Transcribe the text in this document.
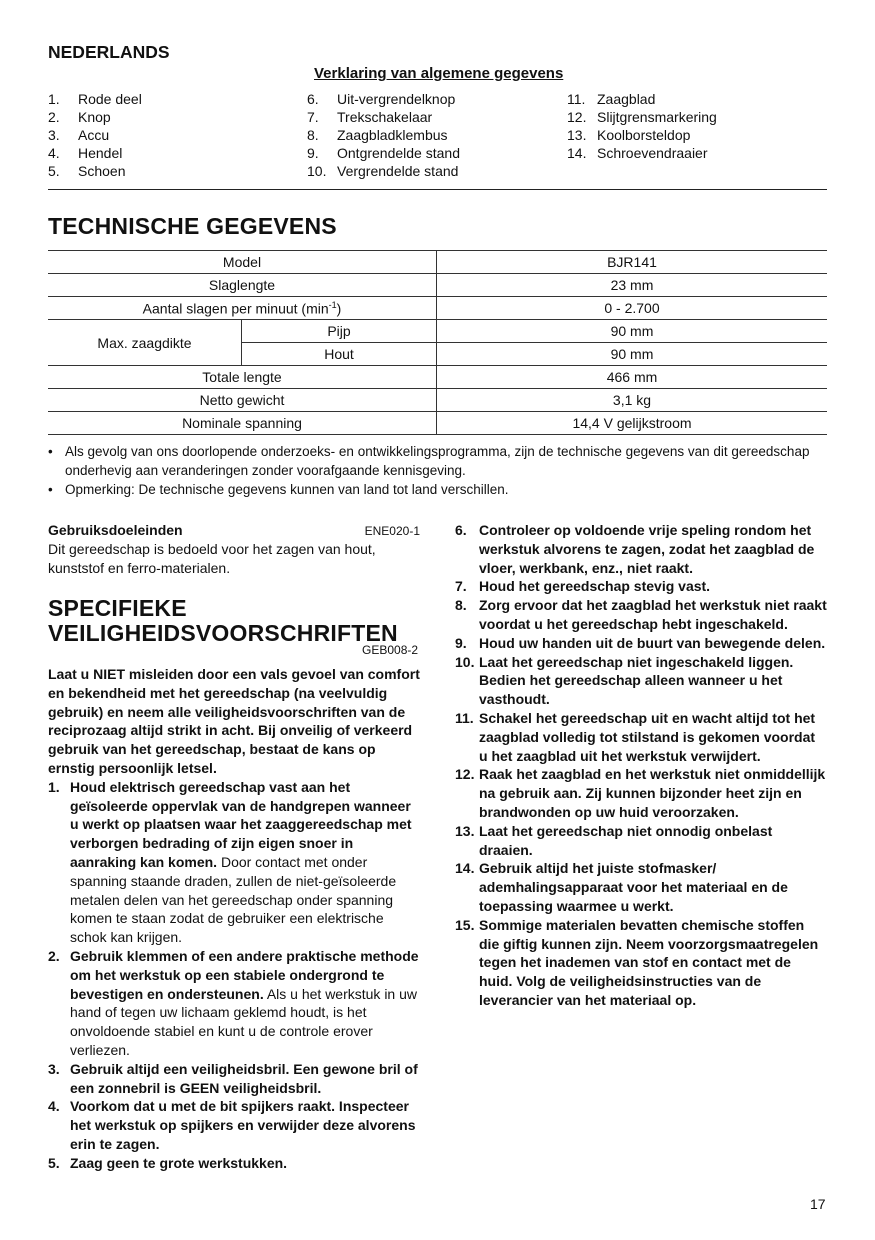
NEDERLANDS
Verklaring van algemene gegevens
1. Rode deel
2. Knop
3. Accu
4. Hendel
5. Schoen
6. Uit-vergrendelknop
7. Trekschakelaar
8. Zaagbladklembus
9. Ontgrendelde stand
10. Vergrendelde stand
11. Zaagblad
12. Slijtgrensmarkering
13. Koolborsteldop
14. Schroevendraaier
TECHNISCHE GEGEVENS
Model		BJR141
Slaglengte		23 mm
Aantal slagen per minuut $(\min^{-1})$		0 - 2.700
Max. zaagdikte	Pijp	90 mm
	Hout	90 mm
Totale lengte		466 mm
Netto gewicht		3,1 kg
Nominale spanning		14,4 V gelijkstroom
• Als gevolg van ons doorlopende onderzoeks- en ontwikkelingsprogramma, zijn de technische gegevens van dit gereedschap onderhevig aan veranderingen zonder voorafgaande kennisgeving.
• Opmerking: De technische gegevens kunnen van land tot land verschillen.
Gebruiksdoeleinden	ENE020-1
Dit gereedschap is bedoeld voor het zagen van hout, kunststof en ferro-materialen.
SPECIFIEKE
VEILIGHEIDSVOORSCHRIFTEN
GEB008-2
Laat u NIET misleiden door een vals gevoel van comfort en bekendheid met het gereedschap (na veelvuldig gebruik) en neem alle veiligheidsvoorschriften van de reciprozaag altijd strikt in acht. Bij onveilig of verkeerd gebruik van het gereedschap, bestaat de kans op ernstig persoonlijk letsel.
1. Houd elektrisch gereedschap vast aan het geïsoleerde oppervlak van de handgrepen wanneer u werkt op plaatsen waar het zaaggereedschap met verborgen bedrading of zijn eigen snoer in aanraking kan komen. Door contact met onder spanning staande draden, zullen de niet-geïsoleerde metalen delen van het gereedschap onder spanning komen te staan zodat de gebruiker een elektrische schok kan krijgen.
2. Gebruik klemmen of een andere praktische methode om het werkstuk op een stabiele ondergrond te bevestigen en ondersteunen. Als u het werkstuk in uw hand of tegen uw lichaam geklemd houdt, is het onvoldoende stabiel en kunt u de controle erover verliezen.
3. Gebruik altijd een veiligheidsbril. Een gewone bril of een zonnebril is GEEN veiligheidsbril.
4. Voorkom dat u met de bit spijkers raakt. Inspecteer het werkstuk op spijkers en verwijder deze alvorens erin te zagen.
5. Zaag geen te grote werkstukken.
6. Controleer op voldoende vrije speling rondom het werkstuk alvorens te zagen, zodat het zaagblad de vloer, werkbank, enz., niet raakt.
7. Houd het gereedschap stevig vast.
8. Zorg ervoor dat het zaagblad het werkstuk niet raakt voordat u het gereedschap hebt ingeschakeld.
9. Houd uw handen uit de buurt van bewegende delen.
10. Laat het gereedschap niet ingeschakeld liggen. Bedien het gereedschap alleen wanneer u het vasthoudt.
11. Schakel het gereedschap uit en wacht altijd tot het zaagblad volledig tot stilstand is gekomen voordat u het zaagblad uit het werkstuk verwijdert.
12. Raak het zaagblad en het werkstuk niet onmiddellijk na gebruik aan. Zij kunnen bijzonder heet zijn en brandwonden op uw huid veroorzaken.
13. Laat het gereedschap niet onnodig onbelast draaien.
14. Gebruik altijd het juiste stofmasker/ ademhalingsapparaat voor het materiaal en de toepassing waarmee u werkt.
15. Sommige materialen bevatten chemische stoffen die giftig kunnen zijn. Neem voorzorgsmaatregelen tegen het inademen van stof en contact met de huid. Volg de veiligheidsinstructies van de leverancier van het materiaal op.
17
